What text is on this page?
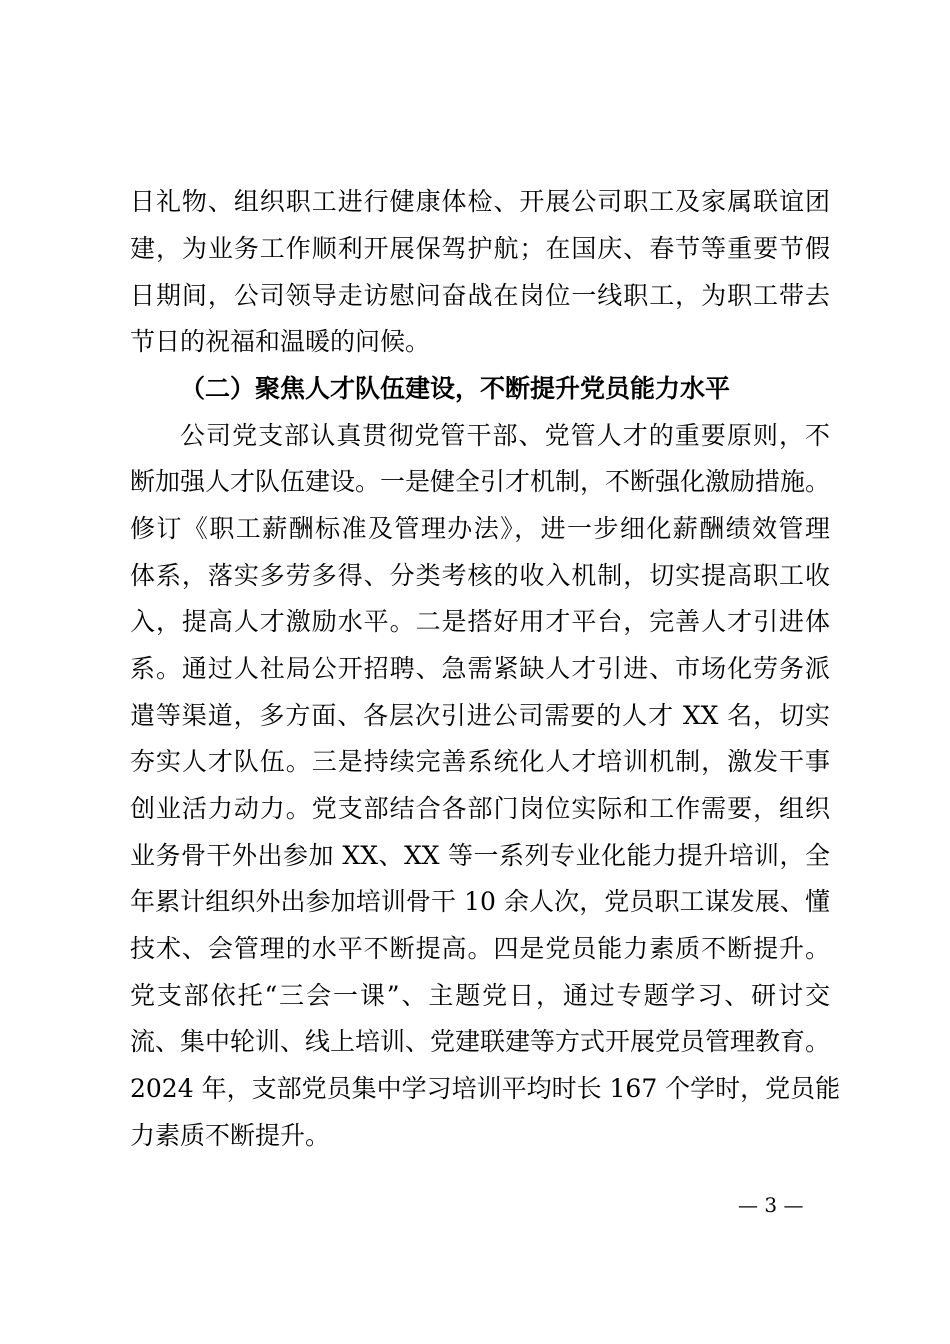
日礼物、组织职工进行健康体检、开展公司职工及家属联谊团
建，为业务工作顺利开展保驾护航；在国庆、春节等重要节假
日期间，公司领导走访慰问奋战在岗位一线职工，为职工带去
节日的祝福和温暖的问候。
（二）聚焦人才队伍建设，不断提升党员能力水平
公司党支部认真贯彻党管干部、党管人才的重要原则，不
断加强人才队伍建设。一是健全引才机制，不断强化激励措施。
修订《职工薪酬标准及管理办法》，进一步细化薪酬绩效管理
体系，落实多劳多得、分类考核的收入机制，切实提高职工收
入，提高人才激励水平。二是搭好用才平台，完善人才引进体
系。通过人社局公开招聘、急需紧缺人才引进、市场化劳务派
遣等渠道，多方面、各层次引进公司需要的人才 XX 名，切实
夯实人才队伍。三是持续完善系统化人才培训机制，激发干事
创业活力动力。党支部结合各部门岗位实际和工作需要，组织
业务骨干外出参加 XX、XX 等一系列专业化能力提升培训，全
年累计组织外出参加培训骨干 10 余人次，党员职工谋发展、懂
技术、会管理的水平不断提高。四是党员能力素质不断提升。
党支部依托“三会一课”、主题党日，通过专题学习、研讨交
流、集中轮训、线上培训、党建联建等方式开展党员管理教育。
2024 年，支部党员集中学习培训平均时长 167 个学时，党员能
力素质不断提升。
— 3 —
